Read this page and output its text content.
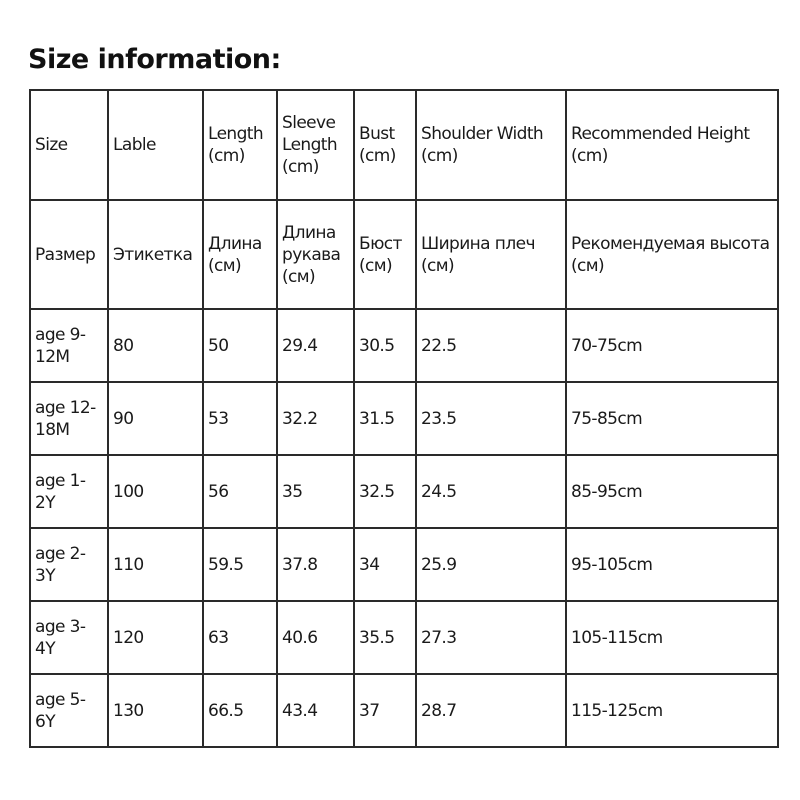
Size information:
Size	Lable	Length (cm)	Sleeve Length (cm)	Bust (cm)	Shoulder Width (cm)	Recommended Height (cm)

Размер	Этикетка	Длина (см)	Длина рукава (см)	Бюст (см)	Ширина плеч (см)	Рекомендуемая высота (см)

age 9-12M	80	50	29.4	30.5	22.5	70-75cm

age 12-18M	90	53	32.2	31.5	23.5	75-85cm

age 1-2Y	100	56	35	32.5	24.5	85-95cm

age 2-3Y	110	59.5	37.8	34	25.9	95-105cm

age 3-4Y	120	63	40.6	35.5	27.3	105-115cm

age 5-6Y	130	66.5	43.4	37	28.7	115-125cm
